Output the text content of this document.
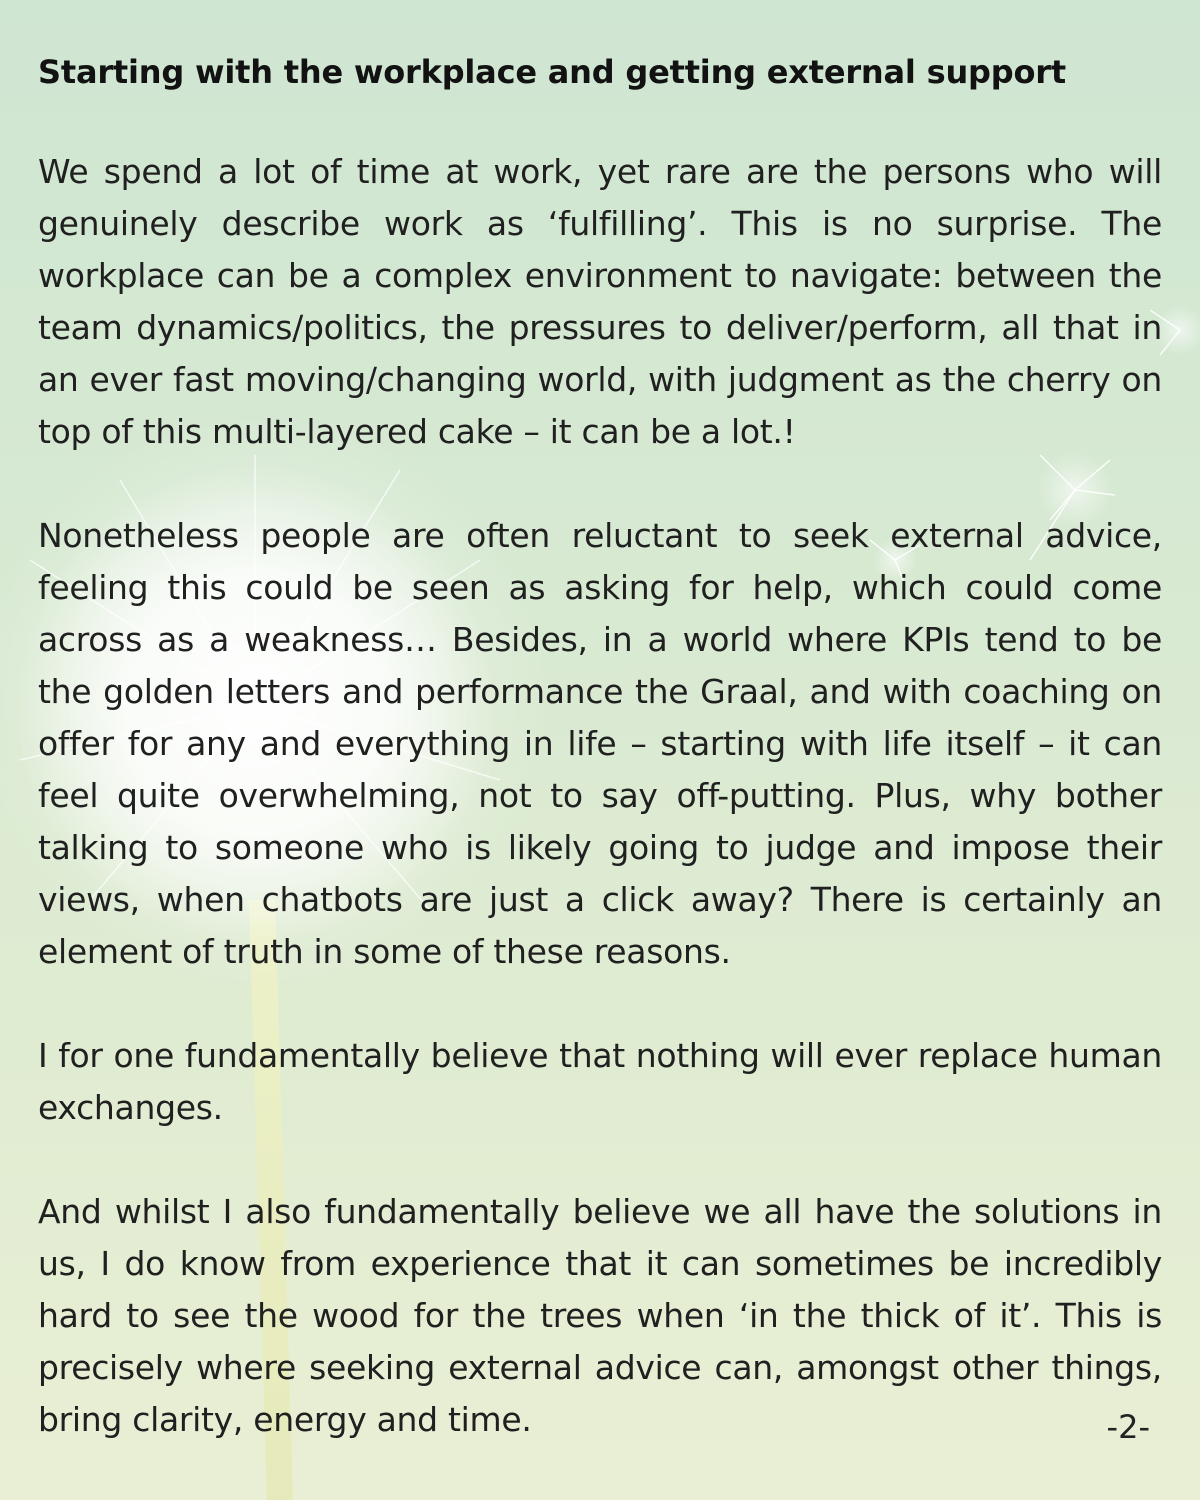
Starting with the workplace and getting external support

We spend a lot of time at work, yet rare are the persons who will genuinely describe work as ‘fulfilling’. This is no surprise. The workplace can be a complex environment to navigate: between the team dynamics/politics, the pressures to deliver/perform, all that in an ever fast moving/changing world, with judgment as the cherry on top of this multi-layered cake – it can be a lot.!

Nonetheless people are often reluctant to seek external advice, feeling this could be seen as asking for help, which could come across as a weakness… Besides, in a world where KPIs tend to be the golden letters and performance the Graal, and with coaching on offer for any and everything in life – starting with life itself – it can feel quite overwhelming, not to say off-putting. Plus, why bother talking to someone who is likely going to judge and impose their views, when chatbots are just a click away? There is certainly an element of truth in some of these reasons.

I for one fundamentally believe that nothing will ever replace human exchanges.

And whilst I also fundamentally believe we all have the solutions in us, I do know from experience that it can sometimes be incredibly hard to see the wood for the trees when ‘in the thick of it’. This is precisely where seeking external advice can, amongst other things, bring clarity, energy and time.	-2-
